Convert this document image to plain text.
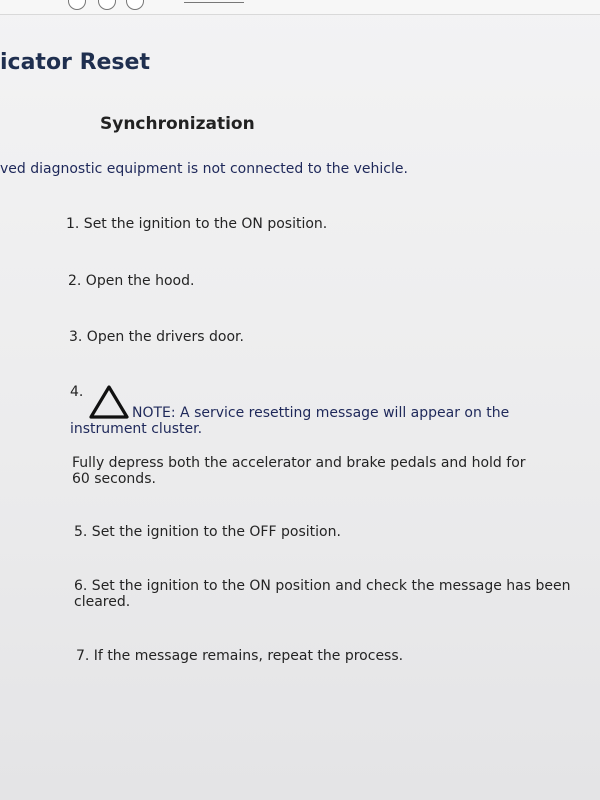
icator Reset
Synchronization
ved diagnostic equipment is not connected to the vehicle.
1. Set the ignition to the ON position.
2. Open the hood.
3. Open the drivers door.
4.
NOTE: A service resetting message will appear on the
instrument cluster.
Fully depress both the accelerator and brake pedals and hold for 60 seconds.
5. Set the ignition to the OFF position.
6. Set the ignition to the ON position and check the message has been cleared.
7. If the message remains, repeat the process.
